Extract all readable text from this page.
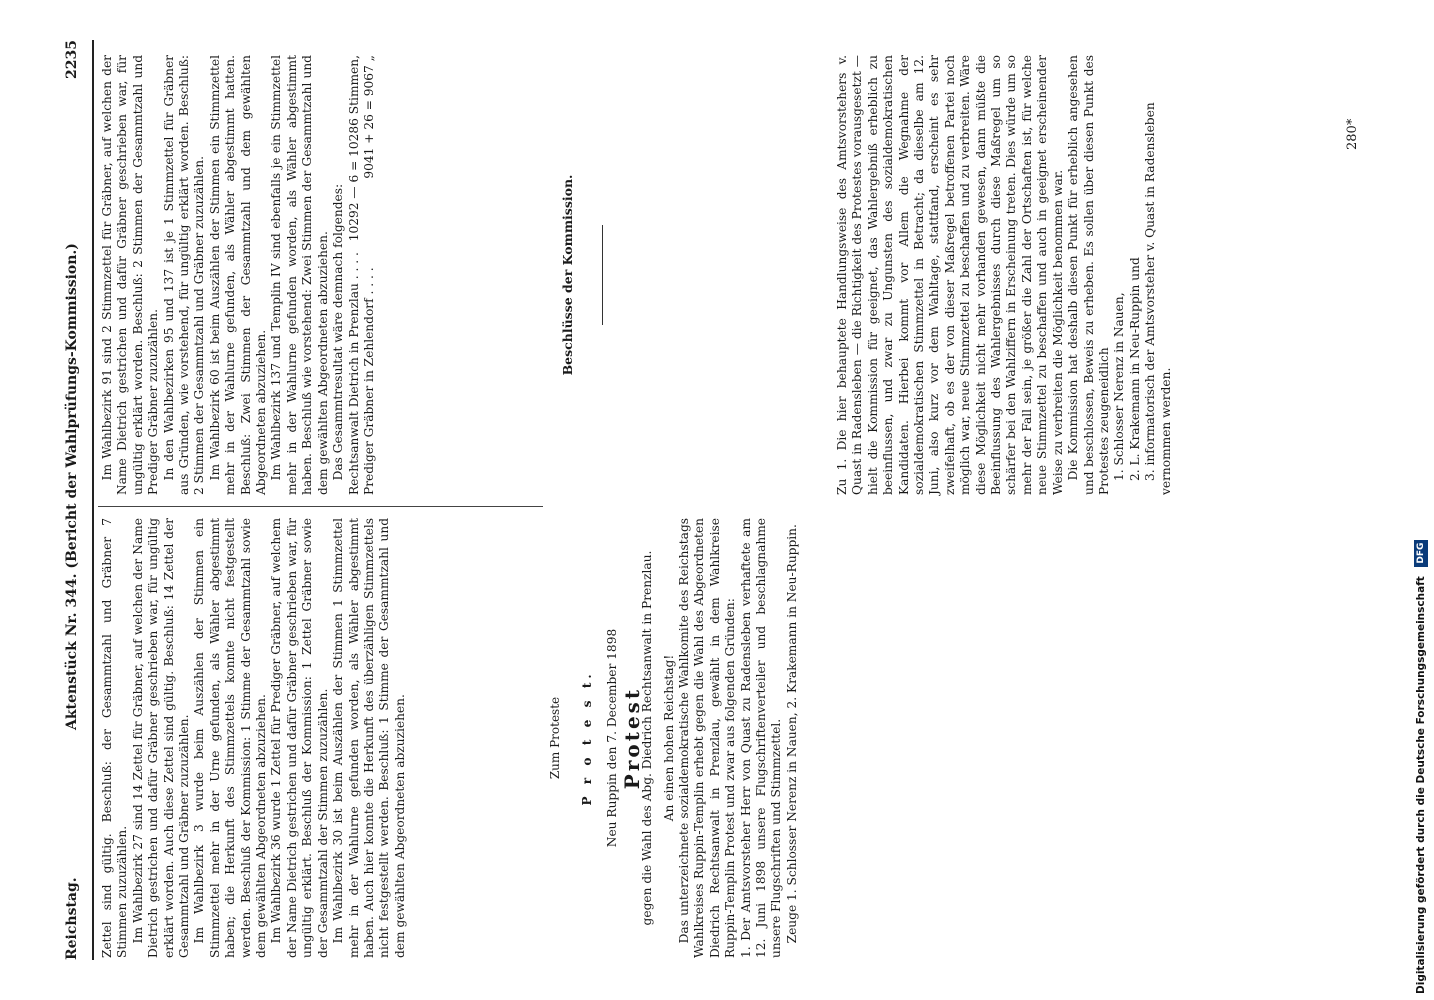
Reichstag.
Aktenstück Nr. 344. (Bericht der Wahlprüfungs-Kommission.)
2235

Zettel sind gültig. Beschluß: der Gesammtzahl und Gräbner 7 Stimmen zuzuzählen. Im Wahlbezirk 27 sind 14 Zettel für Gräbner, auf welchen der Name Dietrich gestrichen und dafür Gräbner geschrieben war, für ungültig erklärt worden. Auch diese Zettel sind gültig. Beschluß: 14 Zettel der Gesammtzahl und Gräbner zuzuzählen. Im Wahlbezirk 3 wurde beim Auszählen der Stimmen ein Stimmzettel mehr in der Urne gefunden, als Wähler abgestimmt haben; die Herkunft des Stimmzettels konnte nicht festgestellt werden. Beschluß der Kommission: 1 Stimme der Gesammtzahl sowie dem gewählten Abgeordneten abzuziehen. Im Wahlbezirk 36 wurde 1 Zettel für Prediger Gräbner, auf welchem der Name Dietrich gestrichen und dafür Gräbner geschrieben war, für ungültig erklärt. Beschluß der Kommission: 1 Zettel Gräbner sowie der Gesammtzahl der Stimmen zuzuzählen. Im Wahlbezirk 30 ist beim Auszählen der Stimmen 1 Stimmzettel mehr in der Wahlurne gefunden worden, als Wähler abgestimmt haben. Auch hier konnte die Herkunft des überzähligen Stimmzettels nicht festgestellt werden. Beschluß: 1 Stimme der Gesammtzahl und dem gewählten Abgeordneten abzuziehen.

Im Wahlbezirk 91 sind 2 Stimmzettel für Gräbner, auf welchen der Name Dietrich gestrichen und dafür Gräbner geschrieben war, für ungültig erklärt worden. Beschluß: 2 Stimmen der Gesammtzahl und Prediger Gräbner zuzuzählen. In den Wahlbezirken 95 und 137 ist je 1 Stimmzettel für Gräbner aus Gründen, wie vorstehend, für ungültig erklärt worden. Beschluß: 2 Stimmen der Gesammtzahl und Gräbner zuzuzählen. Im Wahlbezirk 60 ist beim Auszählen der Stimmen ein Stimmzettel mehr in der Wahlurne gefunden, als Wähler abgestimmt hatten. Beschluß: Zwei Stimmen der Gesammtzahl und dem gewählten Abgeordneten abzuziehen. Im Wahlbezirk 137 und Templin IV sind ebenfalls je ein Stimmzettel mehr in der Wahlurne gefunden worden, als Wähler abgestimmt haben. Beschluß wie vorstehend: Zwei Stimmen der Gesammtzahl und dem gewählten Abgeordneten abzuziehen. Das Gesammtresultat wäre demnach folgendes: Rechtsanwalt Dietrich in Prenzlau . . . .
10292 — 6 = 10286 Stimmen,
Prediger Gräbner in Zehlendorf . . . .
9041 + 26 = 9067 „
Zum Proteste
Beschlüsse der Kommission.

P r o t e s t. Neu Ruppin den 7. December 1898 Protest

gegen die Wahl des Abg. Diedrich Rechtsanwalt in Prenzlau. An einen hohen Reichstag! Das unterzeichnete sozialdemokratische Wahlkomite des Reichstags Wahlkreises Ruppin-Templin erhebt gegen die Wahl des Abgeordneten Diedrich Rechtsanwalt in Prenzlau, gewählt in dem Wahlkreise Ruppin-Templin Protest und zwar aus folgenden Gründen: 1. Der Amtsvorsteher Herr von Quast zu Radensleben verhaftete am 12. Juni 1898 unsere Flugschriftenverteiler und beschlagnahme unsere Flugschriften und Stimmzettel. Zeuge 1. Schlosser Nerenz in Nauen, 2. Krakemann in Neu-Ruppin.

Zu 1. Die hier behauptete Handlungsweise des Amtsvorstehers v. Quast in Radensleben — die Richtigkeit des Protestes vorausgesetzt — hielt die Kommission für geeignet, das Wahlergebniß erheblich zu beeinflussen, und zwar zu Ungunsten des sozialdemokratischen Kandidaten. Hierbei kommt vor Allem die Wegnahme der sozialdemokratischen Stimmzettel in Betracht; da dieselbe am 12. Juni, also kurz vor dem Wahltage, stattfand, erscheint es sehr zweifelhaft, ob es der von dieser Maßregel betroffenen Partei noch möglich war, neue Stimmzettel zu beschaffen und zu verbreiten. Wäre diese Möglichkeit nicht mehr vorhanden gewesen, dann müßte die Beeinflussung des Wahlergebnisses durch diese Maßregel um so schärfer bei den Wahlziffern in Erscheinung treten. Dies würde um so mehr der Fall sein, je größer die Zahl der Ortschaften ist, für welche neue Stimmzettel zu beschaffen und auch in geeignet erscheinender Weise zu verbreiten die Möglichkeit benommen war. Die Kommission hat deshalb diesen Punkt für erheblich angesehen und beschlossen, Beweis zu erheben. Es sollen über diesen Punkt des Protestes zeugeneidlich 1. Schlosser Nerenz in Nauen, 2. L. Krakemann in Neu-Ruppin und 3. informatorisch der Amtsvorsteher v. Quast in Radensleben vernommen werden.

280*
Digitalisierung gefördert durch die Deutsche Forschungsgemeinschaft DFG
